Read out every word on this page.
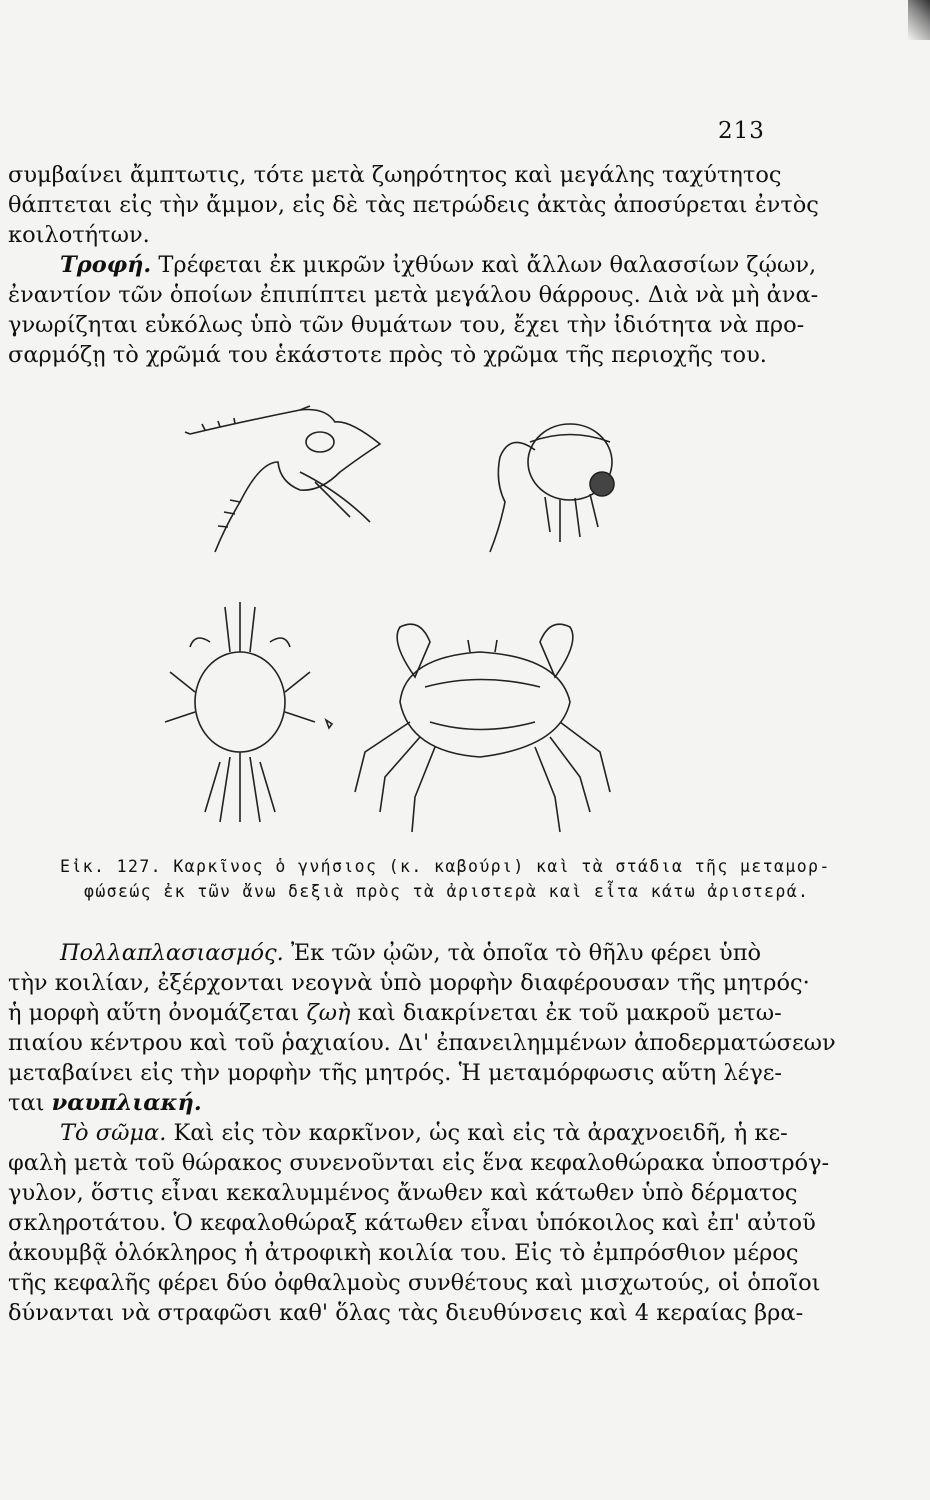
213
συμβαίνει ἄμπτωτις, τότε μετὰ ζωηρότητος καὶ μεγάλης ταχύτητος
θάπτεται εἰς τὴν ἄμμον, εἰς δὲ τὰς πετρώδεις ἀκτὰς ἀποσύρεται ἐντὸς
κοιλοτήτων.
Τροφή. Τρέφεται ἐκ μικρῶν ἰχθύων καὶ ἄλλων θαλασσίων ζῴων,
ἐναντίον τῶν ὁποίων ἐπιπίπτει μετὰ μεγάλου θάρρους. Διὰ νὰ μὴ ἀνα-
γνωρίζηται εὐκόλως ὑπὸ τῶν θυμάτων του, ἔχει τὴν ἰδιότητα νὰ προ-
σαρμόζῃ τὸ χρῶμά του ἑκάστοτε πρὸς τὸ χρῶμα τῆς περιοχῆς του.
Εἰκ. 127. Καρκῖνος ὁ γνήσιος (κ. καβούρι) καὶ τὰ στάδια τῆς μεταμορ-
φώσεώς ἐκ τῶν ἄνω δεξιὰ πρὸς τὰ ἀριστερὰ καὶ εἶτα κάτω ἀριστερά.
Πολλαπλασιασμός. Ἐκ τῶν ᾠῶν, τὰ ὁποῖα τὸ θῆλυ φέρει ὑπὸ
τὴν κοιλίαν, ἐξέρχονται νεογνὰ ὑπὸ μορφὴν διαφέρουσαν τῆς μητρός·
ἡ μορφὴ αὕτη ὀνομάζεται ζωὴ καὶ διακρίνεται ἐκ τοῦ μακροῦ μετω-
πιαίου κέντρου καὶ τοῦ ῥαχιαίου. Δι' ἐπανειλημμένων ἀποδερματώσεων
μεταβαίνει εἰς τὴν μορφὴν τῆς μητρός. Ἡ μεταμόρφωσις αὕτη λέγε-
ται ναυπλιακή.
Τὸ σῶμα. Καὶ εἰς τὸν καρκῖνον, ὡς καὶ εἰς τὰ ἀραχνοειδῆ, ἡ κε-
φαλὴ μετὰ τοῦ θώρακος συνενοῦνται εἰς ἕνα κεφαλοθώρακα ὑποστρόγ-
γυλον, ὅστις εἶναι κεκαλυμμένος ἄνωθεν καὶ κάτωθεν ὑπὸ δέρματος
σκληροτάτου. Ὁ κεφαλοθώραξ κάτωθεν εἶναι ὑπόκοιλος καὶ ἐπ' αὐτοῦ
ἀκουμβᾷ ὁλόκληρος ἡ ἀτροφικὴ κοιλία του. Εἰς τὸ ἐμπρόσθιον μέρος
τῆς κεφαλῆς φέρει δύο ὀφθαλμοὺς συνθέτους καὶ μισχωτούς, οἱ ὁποῖοι
δύνανται νὰ στραφῶσι καθ' ὅλας τὰς διευθύνσεις καὶ 4 κεραίας βρα-
